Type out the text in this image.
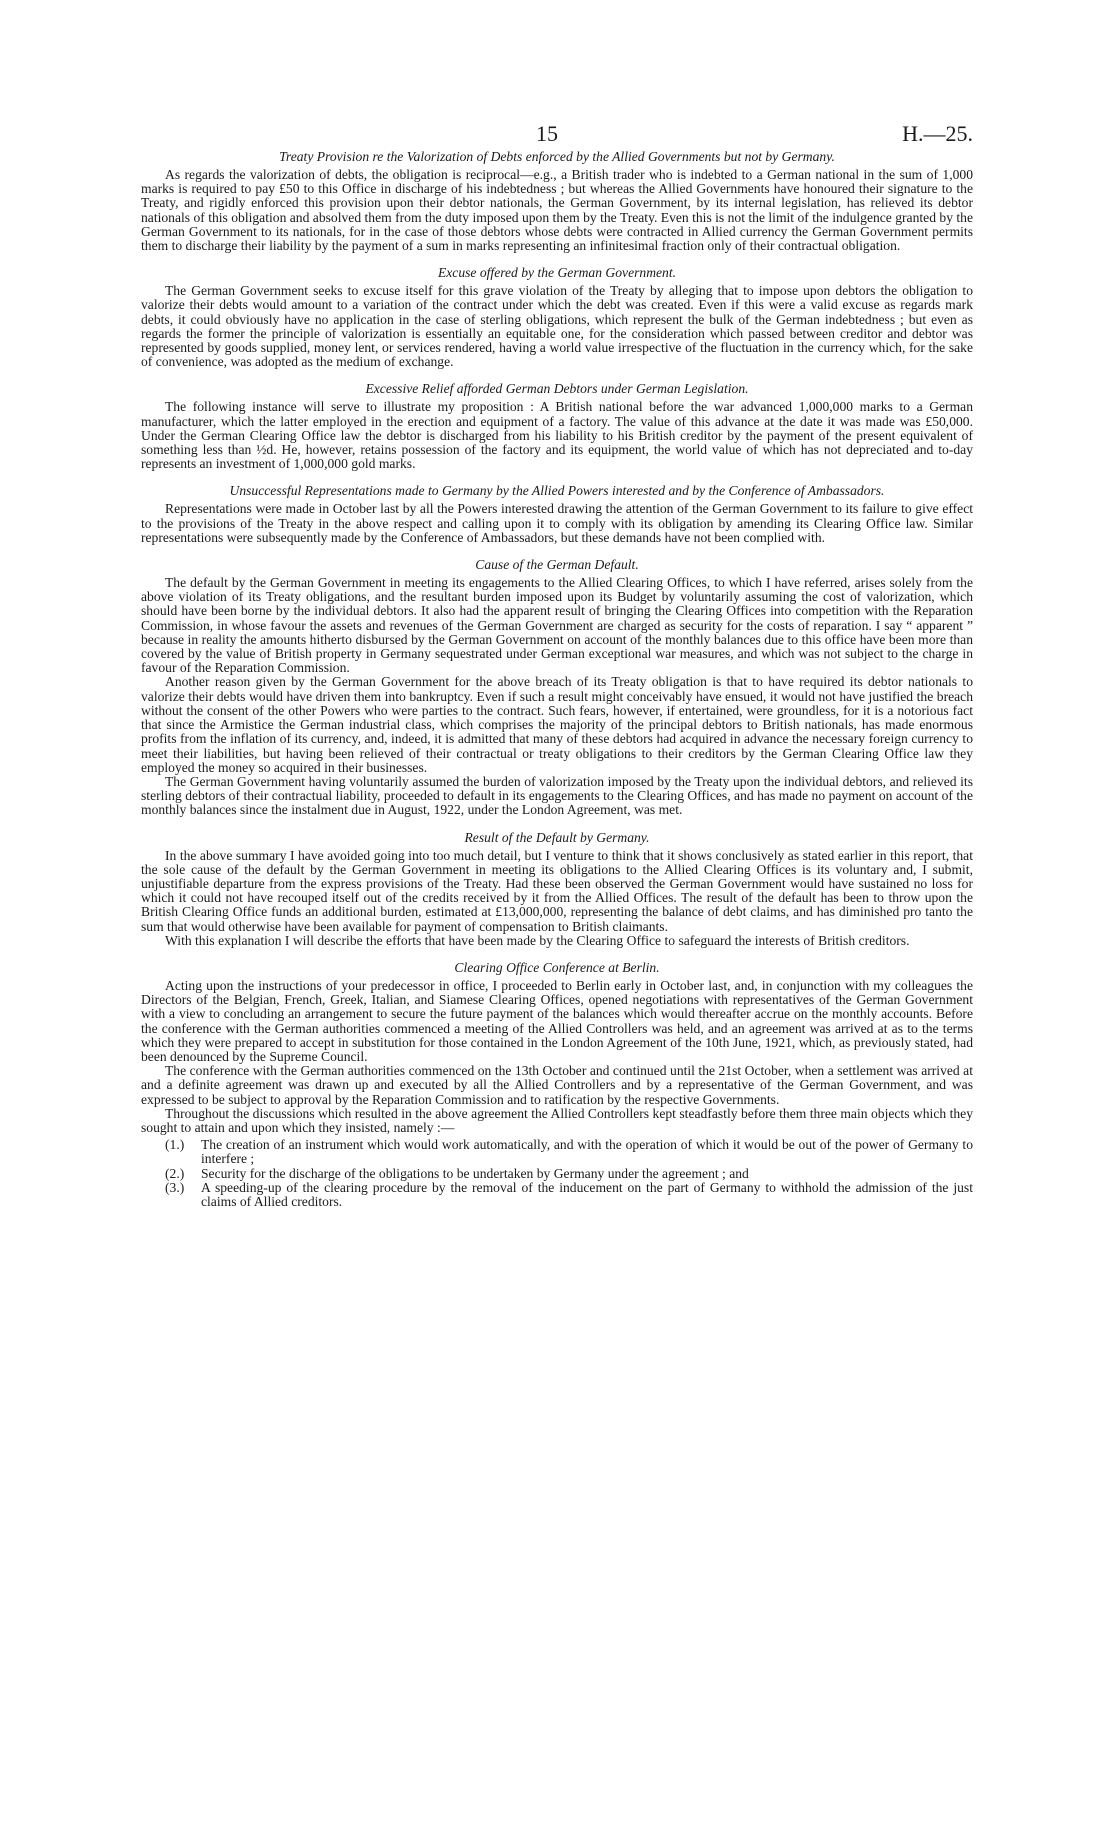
15	H.—25.
Treaty Provision re the Valorization of Debts enforced by the Allied Governments but not by Germany.

As regards the valorization of debts, the obligation is reciprocal—e.g., a British trader who is indebted to a German national in the sum of 1,000 marks is required to pay £50 to this Office in discharge of his indebtedness ; but whereas the Allied Governments have honoured their signature to the Treaty, and rigidly enforced this provision upon their debtor nationals, the German Government, by its internal legislation, has relieved its debtor nationals of this obligation and absolved them from the duty imposed upon them by the Treaty. Even this is not the limit of the indulgence granted by the German Government to its nationals, for in the case of those debtors whose debts were contracted in Allied currency the German Government permits them to discharge their liability by the payment of a sum in marks representing an infinitesimal fraction only of their contractual obligation.

Excuse offered by the German Government.

The German Government seeks to excuse itself for this grave violation of the Treaty by alleging that to impose upon debtors the obligation to valorize their debts would amount to a variation of the contract under which the debt was created. Even if this were a valid excuse as regards mark debts, it could obviously have no application in the case of sterling obligations, which represent the bulk of the German indebtedness ; but even as regards the former the principle of valorization is essentially an equitable one, for the consideration which passed between creditor and debtor was represented by goods supplied, money lent, or services rendered, having a world value irrespective of the fluctuation in the currency which, for the sake of convenience, was adopted as the medium of exchange.

Excessive Relief afforded German Debtors under German Legislation.

The following instance will serve to illustrate my proposition : A British national before the war advanced 1,000,000 marks to a German manufacturer, which the latter employed in the erection and equipment of a factory. The value of this advance at the date it was made was £50,000. Under the German Clearing Office law the debtor is discharged from his liability to his British creditor by the payment of the present equivalent of something less than ½d. He, however, retains possession of the factory and its equipment, the world value of which has not depreciated and to-day represents an investment of 1,000,000 gold marks.

Unsuccessful Representations made to Germany by the Allied Powers interested and by the Conference of Ambassadors.

Representations were made in October last by all the Powers interested drawing the attention of the German Government to its failure to give effect to the provisions of the Treaty in the above respect and calling upon it to comply with its obligation by amending its Clearing Office law. Similar representations were subsequently made by the Conference of Ambassadors, but these demands have not been complied with.

Cause of the German Default.

The default by the German Government in meeting its engagements to the Allied Clearing Offices, to which I have referred, arises solely from the above violation of its Treaty obligations, and the resultant burden imposed upon its Budget by voluntarily assuming the cost of valorization, which should have been borne by the individual debtors. It also had the apparent result of bringing the Clearing Offices into competition with the Reparation Commission, in whose favour the assets and revenues of the German Government are charged as security for the costs of reparation. I say “ apparent ” because in reality the amounts hitherto disbursed by the German Government on account of the monthly balances due to this office have been more than covered by the value of British property in Germany sequestrated under German exceptional war measures, and which was not subject to the charge in favour of the Reparation Commission.

Another reason given by the German Government for the above breach of its Treaty obligation is that to have required its debtor nationals to valorize their debts would have driven them into bankruptcy. Even if such a result might conceivably have ensued, it would not have justified the breach without the consent of the other Powers who were parties to the contract. Such fears, however, if entertained, were groundless, for it is a notorious fact that since the Armistice the German industrial class, which comprises the majority of the principal debtors to British nationals, has made enormous profits from the inflation of its currency, and, indeed, it is admitted that many of these debtors had acquired in advance the necessary foreign currency to meet their liabilities, but having been relieved of their contractual or treaty obligations to their creditors by the German Clearing Office law they employed the money so acquired in their businesses.

The German Government having voluntarily assumed the burden of valorization imposed by the Treaty upon the individual debtors, and relieved its sterling debtors of their contractual liability, proceeded to default in its engagements to the Clearing Offices, and has made no payment on account of the monthly balances since the instalment due in August, 1922, under the London Agreement, was met.

Result of the Default by Germany.

In the above summary I have avoided going into too much detail, but I venture to think that it shows conclusively as stated earlier in this report, that the sole cause of the default by the German Government in meeting its obligations to the Allied Clearing Offices is its voluntary and, I submit, unjustifiable departure from the express provisions of the Treaty. Had these been observed the German Government would have sustained no loss for which it could not have recouped itself out of the credits received by it from the Allied Offices. The result of the default has been to throw upon the British Clearing Office funds an additional burden, estimated at £13,000,000, representing the balance of debt claims, and has diminished pro tanto the sum that would otherwise have been available for payment of compensation to British claimants.

With this explanation I will describe the efforts that have been made by the Clearing Office to safeguard the interests of British creditors.

Clearing Office Conference at Berlin.

Acting upon the instructions of your predecessor in office, I proceeded to Berlin early in October last, and, in conjunction with my colleagues the Directors of the Belgian, French, Greek, Italian, and Siamese Clearing Offices, opened negotiations with representatives of the German Government with a view to concluding an arrangement to secure the future payment of the balances which would thereafter accrue on the monthly accounts. Before the conference with the German authorities commenced a meeting of the Allied Controllers was held, and an agreement was arrived at as to the terms which they were prepared to accept in substitution for those contained in the London Agreement of the 10th June, 1921, which, as previously stated, had been denounced by the Supreme Council.

The conference with the German authorities commenced on the 13th October and continued until the 21st October, when a settlement was arrived at and a definite agreement was drawn up and executed by all the Allied Controllers and by a representative of the German Government, and was expressed to be subject to approval by the Reparation Commission and to ratification by the respective Governments.

Throughout the discussions which resulted in the above agreement the Allied Controllers kept steadfastly before them three main objects which they sought to attain and upon which they insisted, namely :—

(1.) The creation of an instrument which would work automatically, and with the operation of which it would be out of the power of Germany to interfere ;
(2.) Security for the discharge of the obligations to be undertaken by Germany under the agreement ; and
(3.) A speeding-up of the clearing procedure by the removal of the inducement on the part of Germany to withhold the admission of the just claims of Allied creditors.
